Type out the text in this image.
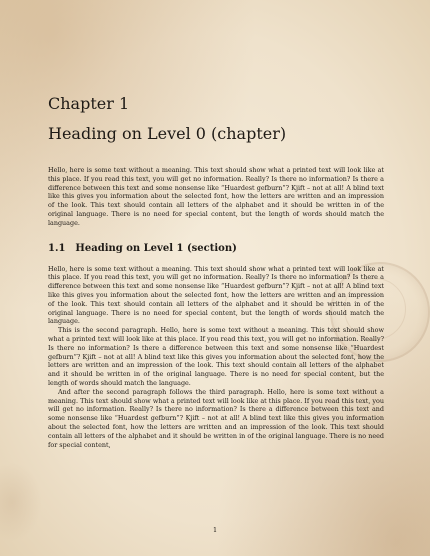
Chapter 1
Heading on Level 0 (chapter)

Hello, here is some text without a meaning. This text should show what a printed text will look like at this place. If you read this text, you will get no information. Really? Is there no information? Is there a difference between this text and some nonsense like “Huardest gefburn”? Kjift – not at all! A blind text like this gives you information about the selected font, how the letters are written and an impression of the look. This text should contain all letters of the alphabet and it should be written in of the original language. There is no need for special content, but the length of words should match the language.

1.1 Heading on Level 1 (section)

Hello, here is some text without a meaning. This text should show what a printed text will look like at this place. If you read this text, you will get no information. Really? Is there no information? Is there a difference between this text and some nonsense like “Huardest gefburn”? Kjift – not at all! A blind text like this gives you information about the selected font, how the letters are written and an impression of the look. This text should contain all letters of the alphabet and it should be written in of the original language. There is no need for special content, but the length of words should match the language.

This is the second paragraph. Hello, here is some text without a meaning. This text should show what a printed text will look like at this place. If you read this text, you will get no information. Really? Is there no information? Is there a difference between this text and some nonsense like “Huardest gefburn”? Kjift – not at all! A blind text like this gives you information about the selected font, how the letters are written and an impression of the look. This text should contain all letters of the alphabet and it should be written in of the original language. There is no need for special content, but the length of words should match the language.

And after the second paragraph follows the third paragraph. Hello, here is some text without a meaning. This text should show what a printed text will look like at this place. If you read this text, you will get no information. Really? Is there no information? Is there a difference between this text and some nonsense like “Huardest gefburn”? Kjift – not at all! A blind text like this gives you information about the selected font, how the letters are written and an impression of the look. This text should contain all letters of the alphabet and it should be written in of the original language. There is no need for special content,

1
